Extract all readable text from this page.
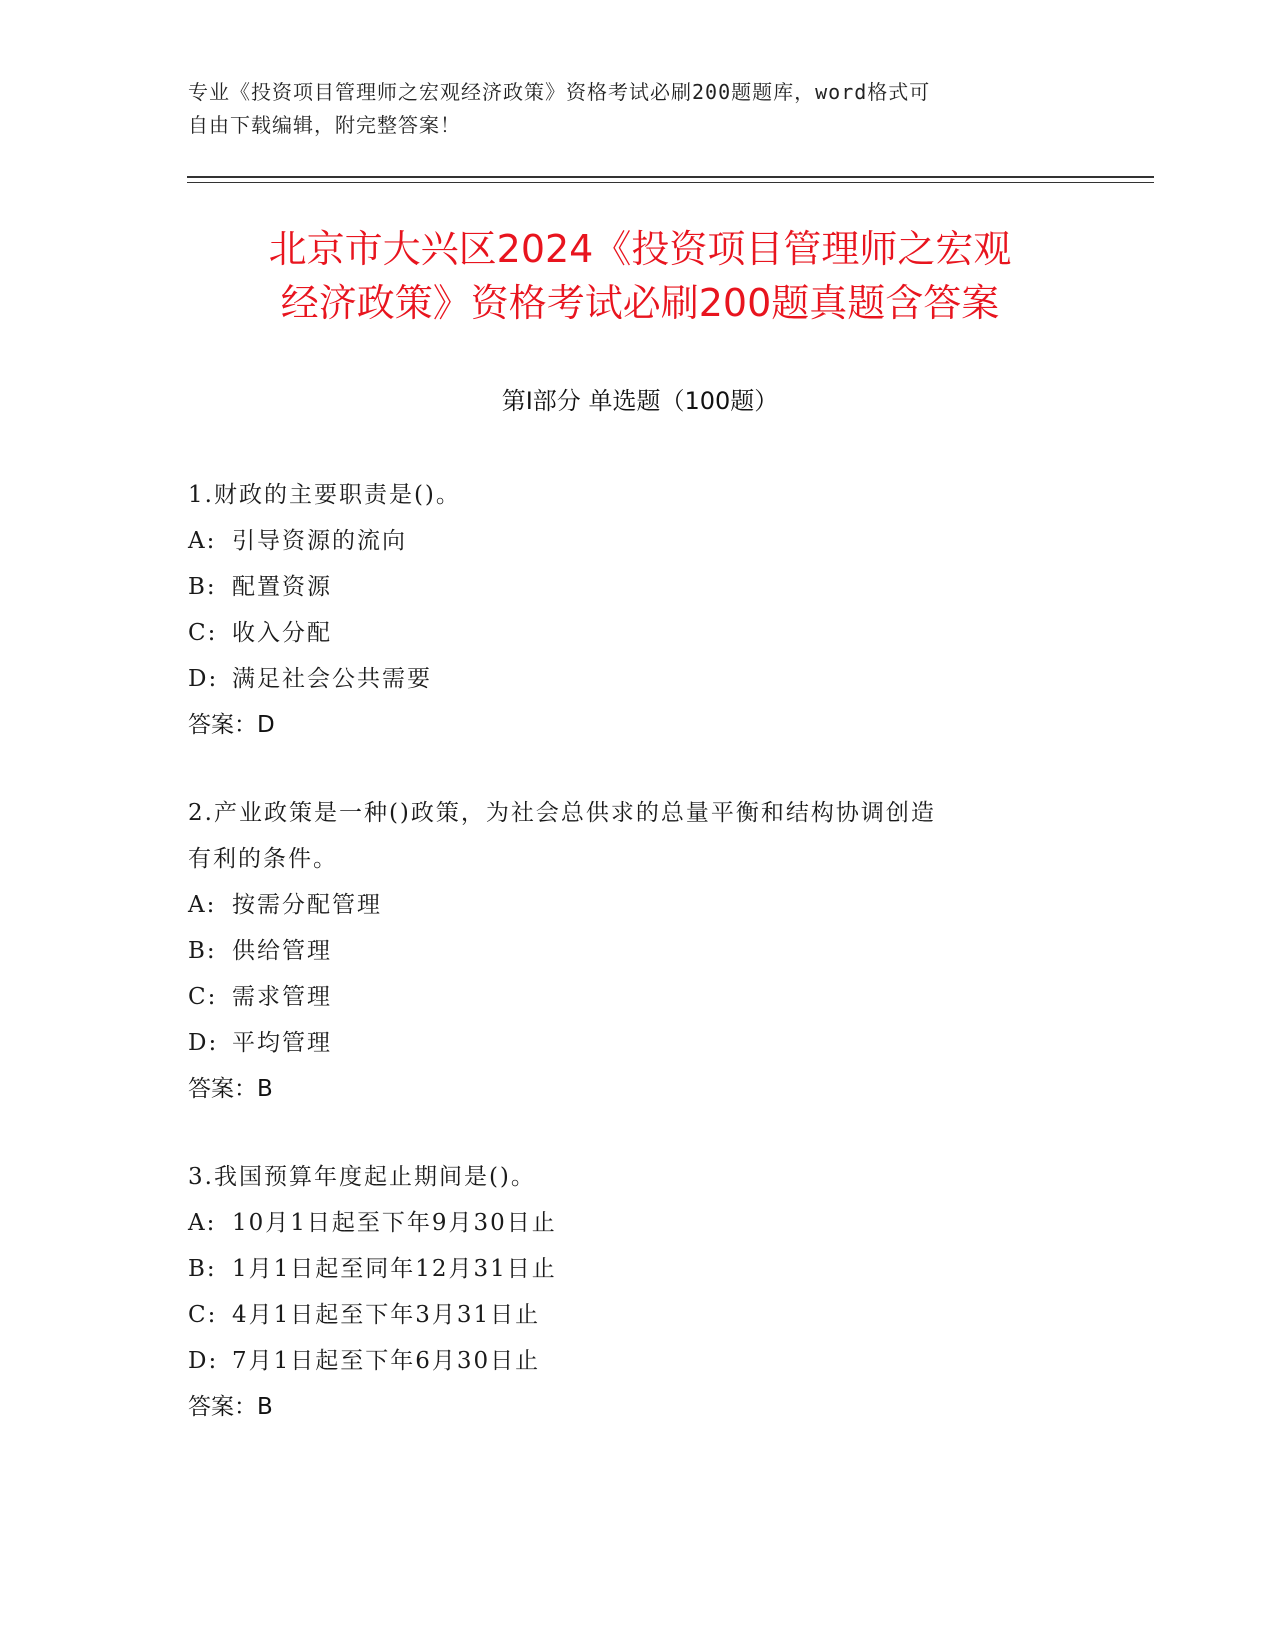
专业《投资项目管理师之宏观经济政策》资格考试必刷200题题库，word格式可
自由下载编辑，附完整答案！
北京市大兴区2024《投资项目管理师之宏观
经济政策》资格考试必刷200题真题含答案
第Ⅰ部分 单选题（100题）
1.财政的主要职责是()。
A: 引导资源的流向
B: 配置资源
C: 收入分配
D: 满足社会公共需要
答案：D
2.产业政策是一种()政策，为社会总供求的总量平衡和结构协调创造
有利的条件。
A: 按需分配管理
B: 供给管理
C: 需求管理
D: 平均管理
答案：B
3.我国预算年度起止期间是()。
A: 10月1日起至下年9月30日止
B: 1月1日起至同年12月31日止
C: 4月1日起至下年3月31日止
D: 7月1日起至下年6月30日止
答案：B
